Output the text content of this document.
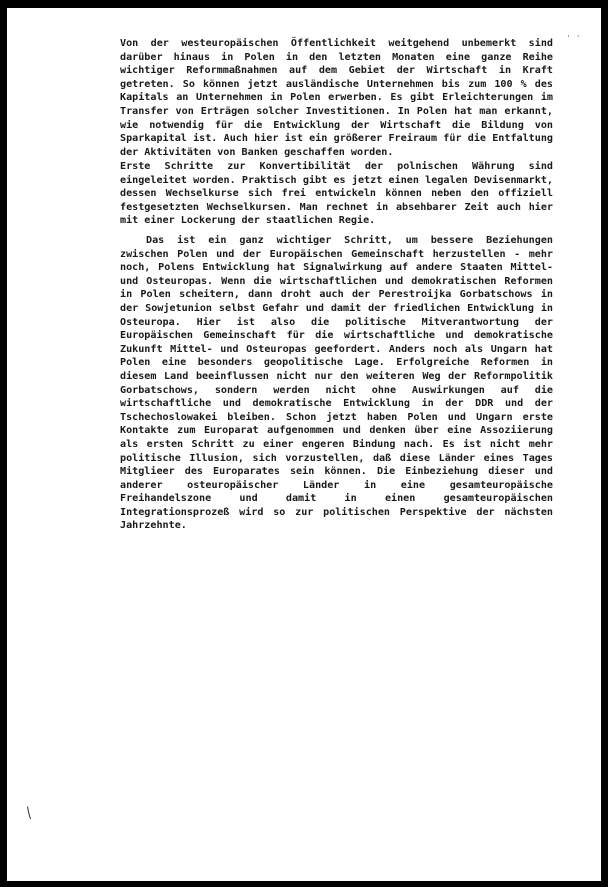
· ·

Von der westeuropäischen Öffentlichkeit weitgehend unbemerkt sind darüber hinaus in Polen in den letzten Monaten eine ganze Reihe wichtiger Reformmaßnahmen auf dem Gebiet der Wirtschaft in Kraft getreten. So können jetzt ausländische Unternehmen bis zum 100 % des Kapitals an Unternehmen in Polen erwerben. Es gibt Erleichterungen im Transfer von Erträgen solcher Investitionen. In Polen hat man erkannt, wie notwendig für die Entwicklung der Wirtschaft die Bildung von Sparkapital ist. Auch hier ist ein größerer Freiraum für die Entfaltung der Aktivitäten von Banken geschaffen worden.

Erste Schritte zur Konvertibilität der polnischen Währung sind eingeleitet worden. Praktisch gibt es jetzt einen legalen Devisenmarkt, dessen Wechselkurse sich frei entwickeln können neben den offiziell festgesetzten Wechselkursen. Man rechnet in absehbarer Zeit auch hier mit einer Lockerung der staatlichen Regie.

Das ist ein ganz wichtiger Schritt, um bessere Beziehungen zwischen Polen und der Europäischen Gemeinschaft herzustellen - mehr noch, Polens Entwicklung hat Signalwirkung auf andere Staaten Mittel- und Osteuropas. Wenn die wirtschaftlichen und demokratischen Reformen in Polen scheitern, dann droht auch der Perestroijka Gorbatschows in der Sowjetunion selbst Gefahr und damit der friedlichen Entwicklung in Osteuropa. Hier ist also die politische Mitverantwortung der Europäischen Gemeinschaft für die wirtschaftliche und demokratische Zukunft Mittel- und Osteuropas geefordert. Anders noch als Ungarn hat Polen eine besonders geopolitische Lage. Erfolgreiche Reformen in diesem Land beeinflussen nicht nur den weiteren Weg der Reformpolitik Gorbatschows, sondern werden nicht ohne Auswirkungen auf die wirtschaftliche und demokratische Entwicklung in der DDR und der Tschechoslowakei bleiben. Schon jetzt haben Polen und Ungarn erste Kontakte zum Europarat aufgenommen und denken über eine Assoziierung als ersten Schritt zu einer engeren Bindung nach. Es ist nicht mehr politische Illusion, sich vorzustellen, daß diese Länder eines Tages Mitglieer des Europarates sein können. Die Einbeziehung dieser und anderer osteuropäischer Länder in eine gesamteuropäische Freihandelszone und damit in einen gesamteuropäischen Integrationsprozeß wird so zur politischen Perspektive der nächsten Jahrzehnte.
